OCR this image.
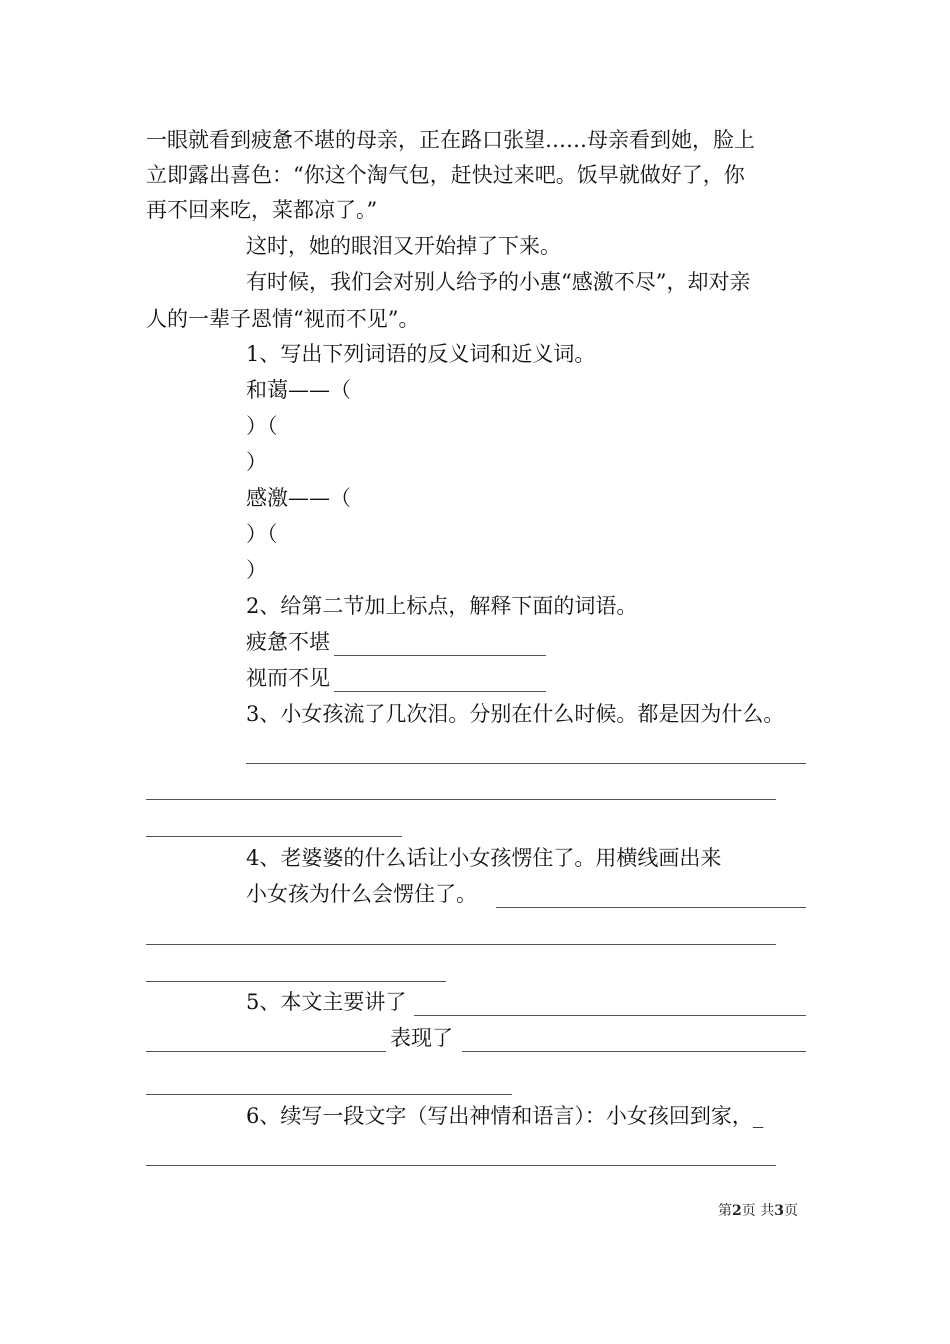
一眼就看到疲惫不堪的母亲，正在路口张望……母亲看到她，脸上
立即露出喜色：“你这个淘气包，赶快过来吧。饭早就做好了，你
再不回来吃，菜都凉了。”
这时，她的眼泪又开始掉了下来。
有时候，我们会对别人给予的小惠“感激不尽”，却对亲
人的一辈子恩情“视而不见”。
1、写出下列词语的反义词和近义词。
和蔼——（
）（
）
感激——（
）（
）
2、给第二节加上标点，解释下面的词语。
疲惫不堪
视而不见
3、小女孩流了几次泪。分别在什么时候。都是因为什么。
4、老婆婆的什么话让小女孩愣住了。用横线画出来
小女孩为什么会愣住了。
5、本文主要讲了
表现了
6、续写一段文字（写出神情和语言）：小女孩回到家，_
第2页 共3页
